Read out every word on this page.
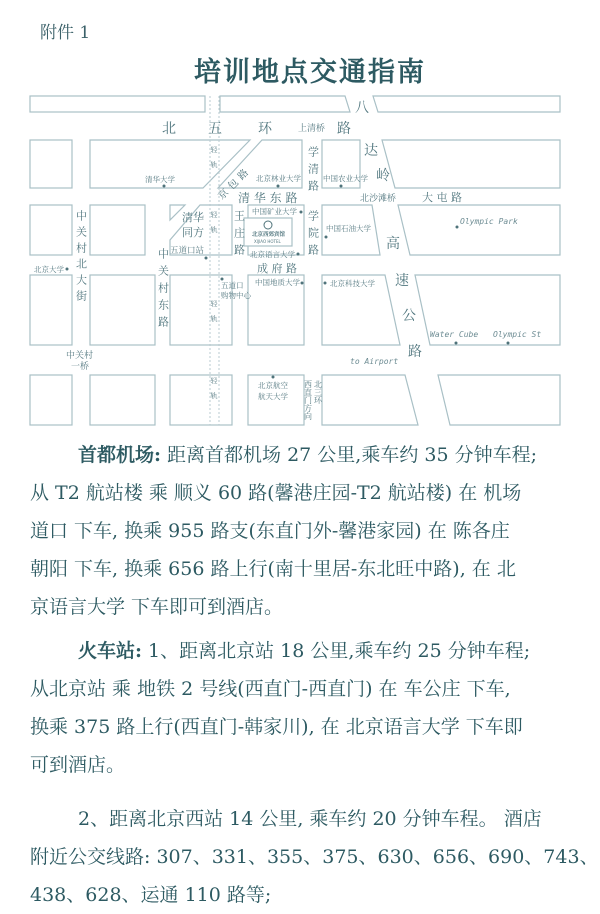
附件 1
培训地点交通指南
北 五	环	上清桥 路
八
达
岭
高
速
公
路
学清路
学院路
清 华 东 路	北沙滩桥 大 屯 路
Olympic Park
清华大学	北京林业大学	中国农业大学
中国矿业大学
中国石油大学
北京西郊宾馆
XIJIAO HOTEL
北京语言大学
成 府 路
王庄路
轻轨
轻轨
轻轨
轻轨
京包路
清华
同方
五道口站
中关村东路
中关村北大街
北京大学
五道口
购物中心
中国地质大学	北京科技大学
中关村
一桥
Water Cube Olympic St
to Airport
北京航空
航天大学	北三环
西直门方向
首都机场: 距离首都机场 27 公里,乘车约 35 分钟车程;
从 T2 航站楼 乘 顺义 60 路(馨港庄园-T2 航站楼) 在 机场
道口 下车, 换乘 955 路支(东直门外-馨港家园) 在 陈各庄
朝阳 下车, 换乘 656 路上行(南十里居-东北旺中路), 在 北
京语言大学 下车即可到酒店。
火车站: 1、距离北京站 18 公里,乘车约 25 分钟车程;
从北京站 乘 地铁 2 号线(西直门-西直门) 在 车公庄 下车,
换乘 375 路上行(西直门-韩家川), 在 北京语言大学 下车即
可到酒店。
2、距离北京西站 14 公里, 乘车约 20 分钟车程。 酒店
附近公交线路: 307、331、355、375、630、656、690、743、
438、628、运通 110 路等;
